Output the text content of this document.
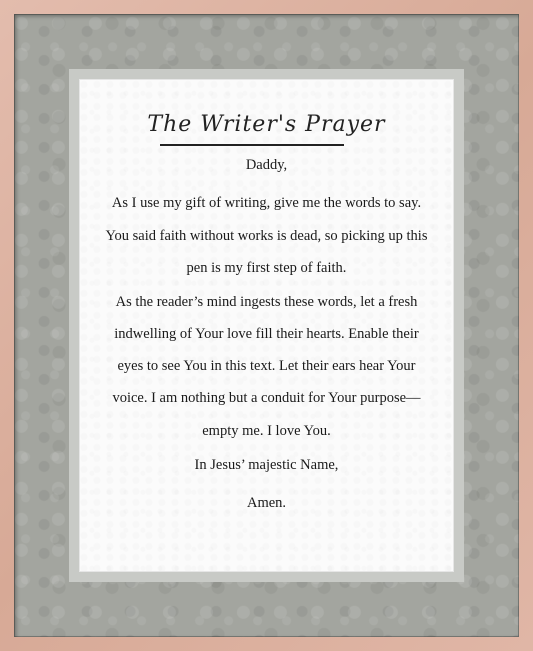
The Writer's Prayer
Daddy,
As I use my gift of writing, give me the words to say.
You said faith without works is dead, so picking up this
pen is my first step of faith.
As the reader’s mind ingests these words, let a fresh
indwelling of Your love fill their hearts. Enable their
eyes to see You in this text. Let their ears hear Your
voice. I am nothing but a conduit for Your purpose—
empty me. I love You.
In Jesus’ majestic Name,
Amen.
